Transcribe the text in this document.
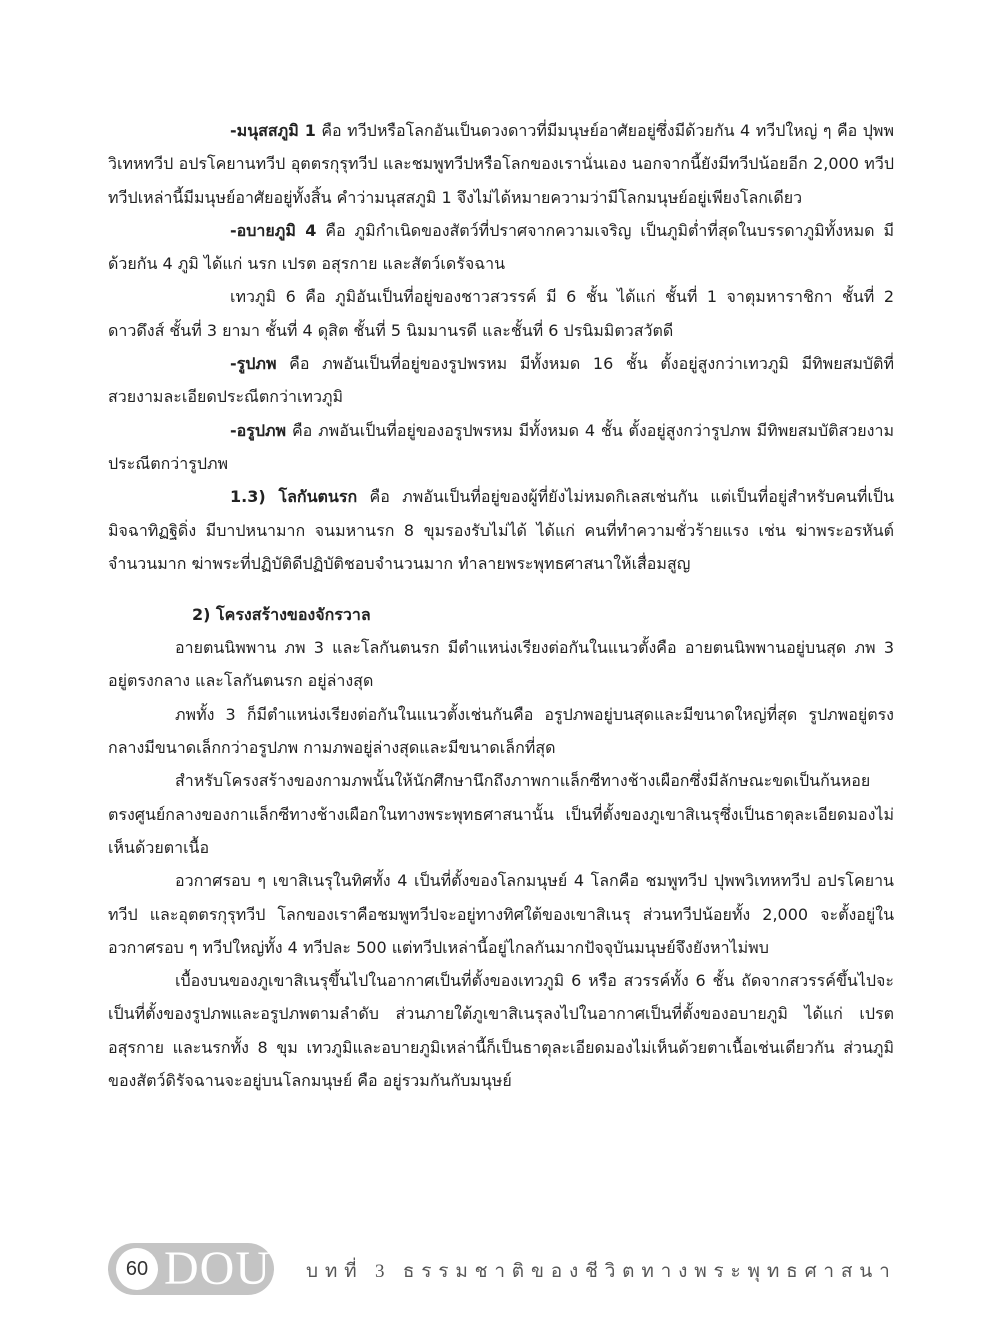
-มนุสสภูมิ 1 คือ ทวีปหรือโลกอันเป็นดวงดาวที่มีมนุษย์อาศัยอยู่ซึ่งมีด้วยกัน 4 ทวีปใหญ่ ๆ คือ ปุพพวิเทหทวีป อปรโคยานทวีป อุตตรกุรุทวีป และชมพูทวีปหรือโลกของเรานั่นเอง นอกจากนี้ยังมีทวีปน้อยอีก 2,000 ทวีป ทวีปเหล่านี้มีมนุษย์อาศัยอยู่ทั้งสิ้น คำว่ามนุสสภูมิ 1 จึงไม่ได้หมายความว่ามีโลกมนุษย์อยู่เพียงโลกเดียว

-อบายภูมิ 4 คือ ภูมิกำเนิดของสัตว์ที่ปราศจากความเจริญ เป็นภูมิต่ำที่สุดในบรรดาภูมิทั้งหมด มีด้วยกัน 4 ภูมิ ได้แก่ นรก เปรต อสุรกาย และสัตว์เดรัจฉาน

เทวภูมิ 6 คือ ภูมิอันเป็นที่อยู่ของชาวสวรรค์ มี 6 ชั้น ได้แก่ ชั้นที่ 1 จาตุมหาราชิกา ชั้นที่ 2 ดาวดึงส์ ชั้นที่ 3 ยามา ชั้นที่ 4 ดุสิต ชั้นที่ 5 นิมมานรดี และชั้นที่ 6 ปรนิมมิตวสวัตดี

-รูปภพ คือ ภพอันเป็นที่อยู่ของรูปพรหม มีทั้งหมด 16 ชั้น ตั้งอยู่สูงกว่าเทวภูมิ มีทิพยสมบัติที่สวยงามละเอียดประณีตกว่าเทวภูมิ

-อรูปภพ คือ ภพอันเป็นที่อยู่ของอรูปพรหม มีทั้งหมด 4 ชั้น ตั้งอยู่สูงกว่ารูปภพ มีทิพยสมบัติสวยงามประณีตกว่ารูปภพ

1.3) โลกันตนรก คือ ภพอันเป็นที่อยู่ของผู้ที่ยังไม่หมดกิเลสเช่นกัน แต่เป็นที่อยู่สำหรับคนที่เป็นมิจฉาทิฏฐิดิ่ง มีบาปหนามาก จนมหานรก 8 ขุมรองรับไม่ได้ ได้แก่ คนที่ทำความชั่วร้ายแรง เช่น ฆ่าพระอรหันต์จำนวนมาก ฆ่าพระที่ปฏิบัติดีปฏิบัติชอบจำนวนมาก ทำลายพระพุทธศาสนาให้เสื่อมสูญ

2) โครงสร้างของจักรวาล

อายตนนิพพาน ภพ 3 และโลกันตนรก มีตำแหน่งเรียงต่อกันในแนวตั้งคือ อายตนนิพพานอยู่บนสุด ภพ 3 อยู่ตรงกลาง และโลกันตนรก อยู่ล่างสุด

ภพทั้ง 3 ก็มีตำแหน่งเรียงต่อกันในแนวตั้งเช่นกันคือ อรูปภพอยู่บนสุดและมีขนาดใหญ่ที่สุด รูปภพอยู่ตรงกลางมีขนาดเล็กกว่าอรูปภพ กามภพอยู่ล่างสุดและมีขนาดเล็กที่สุด

สำหรับโครงสร้างของกามภพนั้นให้นักศึกษานึกถึงภาพกาแล็กซีทางช้างเผือกซึ่งมีลักษณะขดเป็นก้นหอย ตรงศูนย์กลางของกาแล็กซีทางช้างเผือกในทางพระพุทธศาสนานั้น เป็นที่ตั้งของภูเขาสิเนรุซึ่งเป็นธาตุละเอียดมองไม่เห็นด้วยตาเนื้อ

อวกาศรอบ ๆ เขาสิเนรุในทิศทั้ง 4 เป็นที่ตั้งของโลกมนุษย์ 4 โลกคือ ชมพูทวีป ปุพพวิเทหทวีป อปรโคยานทวีป และอุตตรกุรุทวีป โลกของเราคือชมพูทวีปจะอยู่ทางทิศใต้ของเขาสิเนรุ ส่วนทวีปน้อยทั้ง 2,000 จะตั้งอยู่ในอวกาศรอบ ๆ ทวีปใหญ่ทั้ง 4 ทวีปละ 500 แต่ทวีปเหล่านี้อยู่ไกลกันมากปัจจุบันมนุษย์จึงยังหาไม่พบ

เบื้องบนของภูเขาสิเนรุขึ้นไปในอากาศเป็นที่ตั้งของเทวภูมิ 6 หรือ สวรรค์ทั้ง 6 ชั้น ถัดจากสวรรค์ขึ้นไปจะเป็นที่ตั้งของรูปภพและอรูปภพตามลำดับ ส่วนภายใต้ภูเขาสิเนรุลงไปในอากาศเป็นที่ตั้งของอบายภูมิ ได้แก่ เปรต อสุรกาย และนรกทั้ง 8 ขุม เทวภูมิและอบายภูมิเหล่านี้ก็เป็นธาตุละเอียดมองไม่เห็นด้วยตาเนื้อเช่นเดียวกัน ส่วนภูมิของสัตว์ดิรัจฉานจะอยู่บนโลกมนุษย์ คือ อยู่รวมกันกับมนุษย์

60 DOU บทที่ 3 ธรรมชาติของชีวิตทางพระพุทธศาสนา
